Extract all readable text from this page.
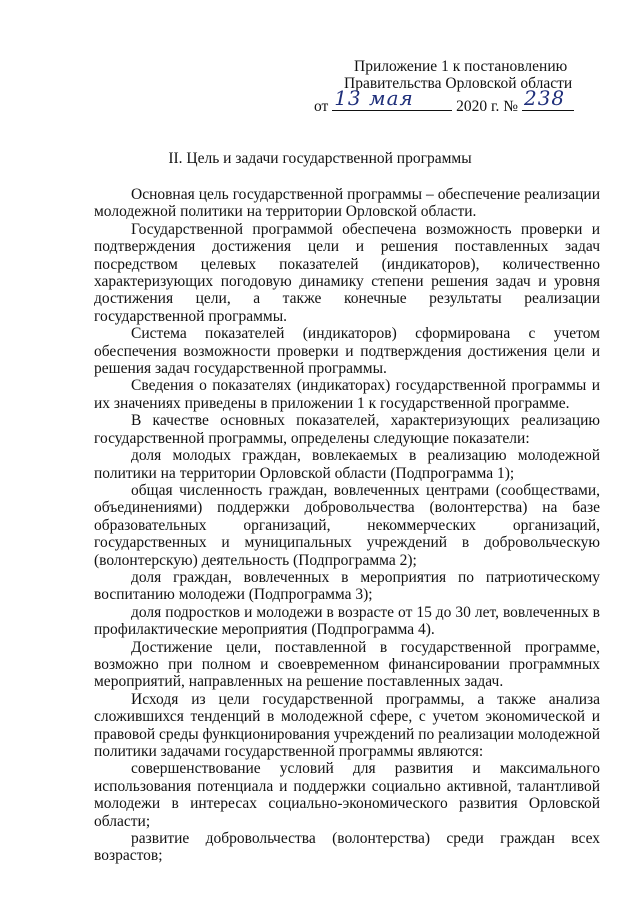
Приложение 1 к постановлению
Правительства Орловской области
от 13 мая	2020 г. № 238
II. Цель и задачи государственной программы

Основная цель государственной программы – обеспечение реализации молодежной политики на территории Орловской области.

Государственной программой обеспечена возможность проверки и подтверждения достижения цели и решения поставленных задач посредством целевых показателей (индикаторов), количественно характеризующих погодовую динамику степени решения задач и уровня достижения цели, а также конечные результаты реализации государственной программы.

Система показателей (индикаторов) сформирована с учетом обеспечения возможности проверки и подтверждения достижения цели и решения задач государственной программы.

Сведения о показателях (индикаторах) государственной программы и их значениях приведены в приложении 1 к государственной программе.

В качестве основных показателей, характеризующих реализацию государственной программы, определены следующие показатели:

доля молодых граждан, вовлекаемых в реализацию молодежной политики на территории Орловской области (Подпрограмма 1);

общая численность граждан, вовлеченных центрами (сообществами, объединениями) поддержки добровольчества (волонтерства) на базе образовательных организаций, некоммерческих организаций, государственных и муниципальных учреждений в добровольческую (волонтерскую) деятельность (Подпрограмма 2);

доля граждан, вовлеченных в мероприятия по патриотическому воспитанию молодежи (Подпрограмма 3);

доля подростков и молодежи в возрасте от 15 до 30 лет, вовлеченных в профилактические мероприятия (Подпрограмма 4).

Достижение цели, поставленной в государственной программе, возможно при полном и своевременном финансировании программных мероприятий, направленных на решение поставленных задач.

Исходя из цели государственной программы, а также анализа сложившихся тенденций в молодежной сфере, с учетом экономической и правовой среды функционирования учреждений по реализации молодежной политики задачами государственной программы являются:

совершенствование условий для развития и максимального использования потенциала и поддержки социально активной, талантливой молодежи в интересах социально-экономического развития Орловской области;

развитие добровольчества (волонтерства) среди граждан всех возрастов;
